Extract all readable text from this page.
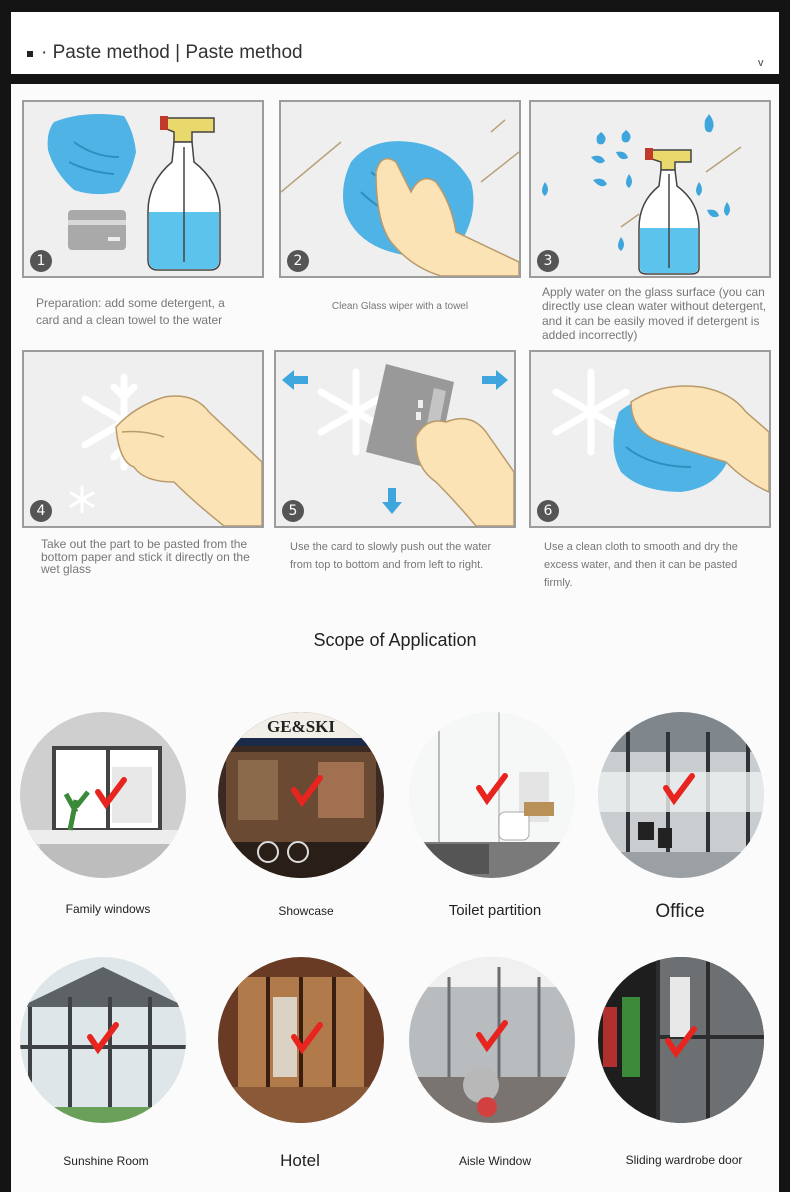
· Paste method | Paste method	v
1
Preparation: add some detergent, a card and a clean towel to the water
2
Clean Glass wiper with a towel
3
Apply water on the glass surface (you can directly use clean water without detergent, and it can be easily moved if detergent is added incorrectly)
4
Take out the part to be pasted from the bottom paper and stick it directly on the wet glass
5
Use the card to slowly push out the water from top to bottom and from left to right.
6
Use a clean cloth to smooth and dry the excess water, and then it can be pasted firmly.
Scope of Application
Family windows
GE&SKI
Showcase	Toilet partition	Office
Sunshine Room	Hotel	Aisle Window	Sliding wardrobe door
